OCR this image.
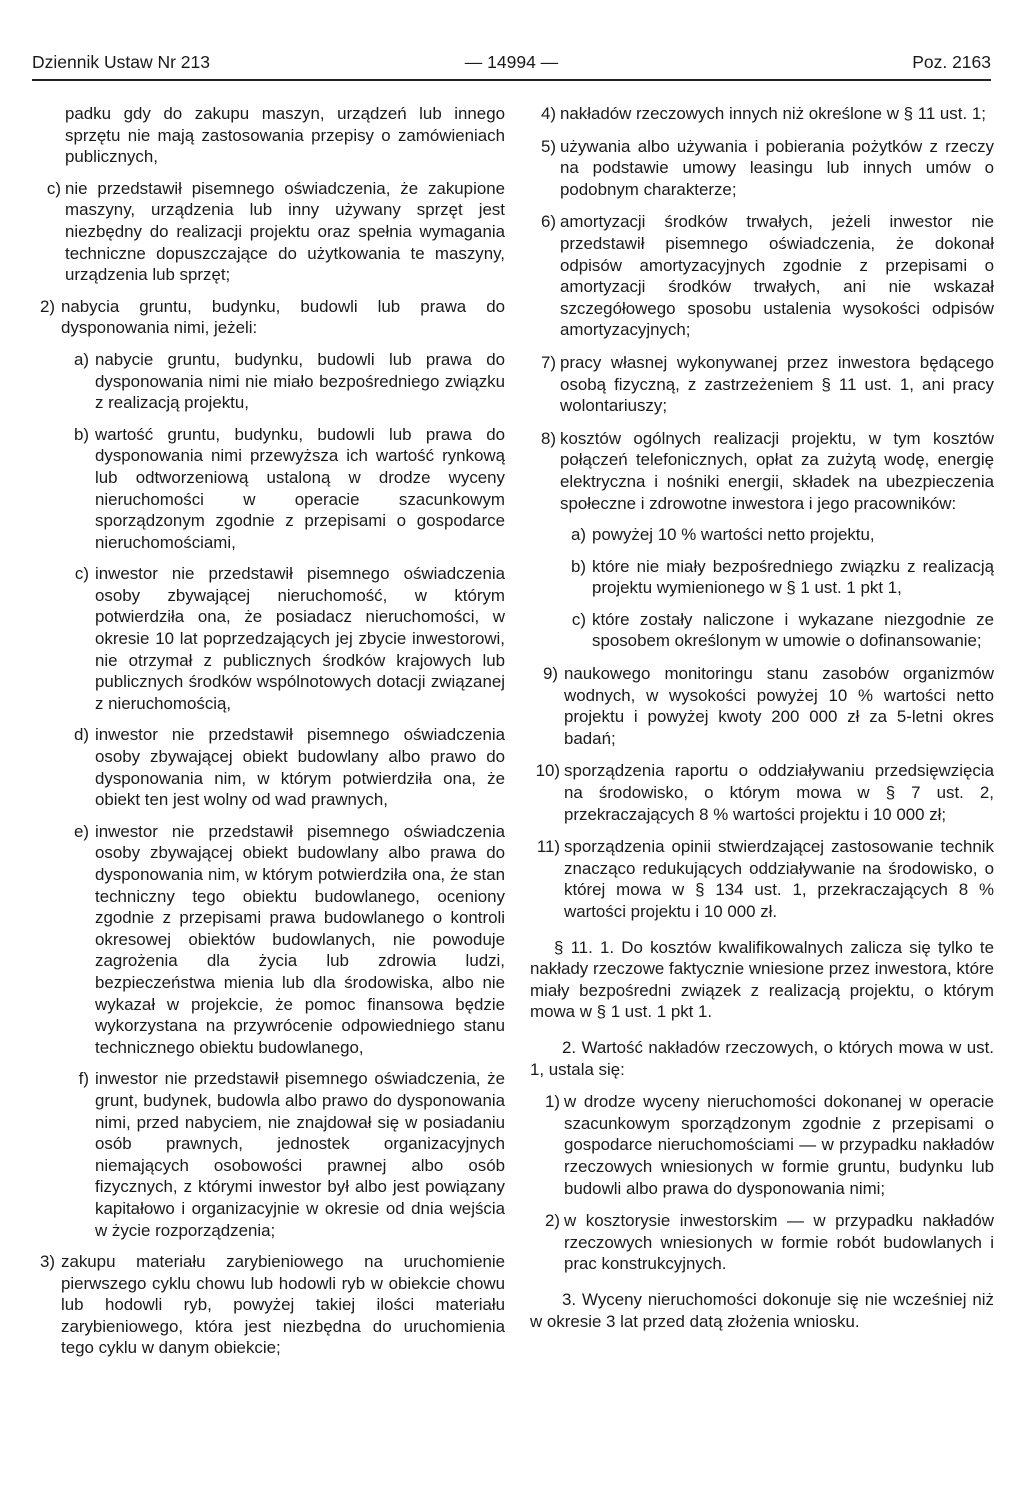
Dziennik Ustaw Nr 213	— 14994 —	Poz. 2163

padku gdy do zakupu maszyn, urządzeń lub innego sprzętu nie mają zastosowania przepisy o zamówieniach publicznych,

c) nie przedstawił pisemnego oświadczenia, że zakupione maszyny, urządzenia lub inny używany sprzęt jest niezbędny do realizacji projektu oraz spełnia wymagania techniczne dopuszczające do użytkowania te maszyny, urządzenia lub sprzęt;
2) nabycia gruntu, budynku, budowli lub prawa do dysponowania nimi, jeżeli:
a) nabycie gruntu, budynku, budowli lub prawa do dysponowania nimi nie miało bezpośredniego związku z realizacją projektu,
b) wartość gruntu, budynku, budowli lub prawa do dysponowania nimi przewyższa ich wartość rynkową lub odtworzeniową ustaloną w drodze wyceny nieruchomości w operacie szacunkowym sporządzonym zgodnie z przepisami o gospodarce nieruchomościami,
c) inwestor nie przedstawił pisemnego oświadczenia osoby zbywającej nieruchomość, w którym potwierdziła ona, że posiadacz nieruchomości, w okresie 10 lat poprzedzających jej zbycie inwestorowi, nie otrzymał z publicznych środków krajowych lub publicznych środków wspólnotowych dotacji związanej z nieruchomością,
d) inwestor nie przedstawił pisemnego oświadczenia osoby zbywającej obiekt budowlany albo prawo do dysponowania nim, w którym potwierdziła ona, że obiekt ten jest wolny od wad prawnych,
e) inwestor nie przedstawił pisemnego oświadczenia osoby zbywającej obiekt budowlany albo prawa do dysponowania nim, w którym potwierdziła ona, że stan techniczny tego obiektu budowlanego, oceniony zgodnie z przepisami prawa budowlanego o kontroli okresowej obiektów budowlanych, nie powoduje zagrożenia dla życia lub zdrowia ludzi, bezpieczeństwa mienia lub dla środowiska, albo nie wykazał w projekcie, że pomoc finansowa będzie wykorzystana na przywrócenie odpowiedniego stanu technicznego obiektu budowlanego,
f) inwestor nie przedstawił pisemnego oświadczenia, że grunt, budynek, budowla albo prawo do dysponowania nimi, przed nabyciem, nie znajdował się w posiadaniu osób prawnych, jednostek organizacyjnych niemających osobowości prawnej albo osób fizycznych, z którymi inwestor był albo jest powiązany kapitałowo i organizacyjnie w okresie od dnia wejścia w życie rozporządzenia;
3) zakupu materiału zarybieniowego na uruchomienie pierwszego cyklu chowu lub hodowli ryb w obiekcie chowu lub hodowli ryb, powyżej takiej ilości materiału zarybieniowego, która jest niezbędna do uruchomienia tego cyklu w danym obiekcie;
4) nakładów rzeczowych innych niż określone w § 11 ust. 1;
5) używania albo używania i pobierania pożytków z rzeczy na podstawie umowy leasingu lub innych umów o podobnym charakterze;
6) amortyzacji środków trwałych, jeżeli inwestor nie przedstawił pisemnego oświadczenia, że dokonał odpisów amortyzacyjnych zgodnie z przepisami o amortyzacji środków trwałych, ani nie wskazał szczegółowego sposobu ustalenia wysokości odpisów amortyzacyjnych;
7) pracy własnej wykonywanej przez inwestora będącego osobą fizyczną, z zastrzeżeniem § 11 ust. 1, ani pracy wolontariuszy;
8) kosztów ogólnych realizacji projektu, w tym kosztów połączeń telefonicznych, opłat za zużytą wodę, energię elektryczna i nośniki energii, składek na ubezpieczenia społeczne i zdrowotne inwestora i jego pracowników:
a) powyżej 10 % wartości netto projektu,
b) które nie miały bezpośredniego związku z realizacją projektu wymienionego w § 1 ust. 1 pkt 1,
c) które zostały naliczone i wykazane niezgodnie ze sposobem określonym w umowie o dofinansowanie;
9) naukowego monitoringu stanu zasobów organizmów wodnych, w wysokości powyżej 10 % wartości netto projektu i powyżej kwoty 200 000 zł za 5-letni okres badań;
10) sporządzenia raportu o oddziaływaniu przedsięwzięcia na środowisko, o którym mowa w § 7 ust. 2, przekraczających 8 % wartości projektu i 10 000 zł;
11) sporządzenia opinii stwierdzającej zastosowanie technik znacząco redukujących oddziaływanie na środowisko, o której mowa w § 134 ust. 1, przekraczających 8 % wartości projektu i 10 000 zł.

§ 11. 1. Do kosztów kwalifikowalnych zalicza się tylko te nakłady rzeczowe faktycznie wniesione przez inwestora, które miały bezpośredni związek z realizacją projektu, o którym mowa w § 1 ust. 1 pkt 1.

2. Wartość nakładów rzeczowych, o których mowa w ust. 1, ustala się:

1) w drodze wyceny nieruchomości dokonanej w operacie szacunkowym sporządzonym zgodnie z przepisami o gospodarce nieruchomościami — w przypadku nakładów rzeczowych wniesionych w formie gruntu, budynku lub budowli albo prawa do dysponowania nimi;
2) w kosztorysie inwestorskim — w przypadku nakładów rzeczowych wniesionych w formie robót budowlanych i prac konstrukcyjnych.

3. Wyceny nieruchomości dokonuje się nie wcześniej niż w okresie 3 lat przed datą złożenia wniosku.
